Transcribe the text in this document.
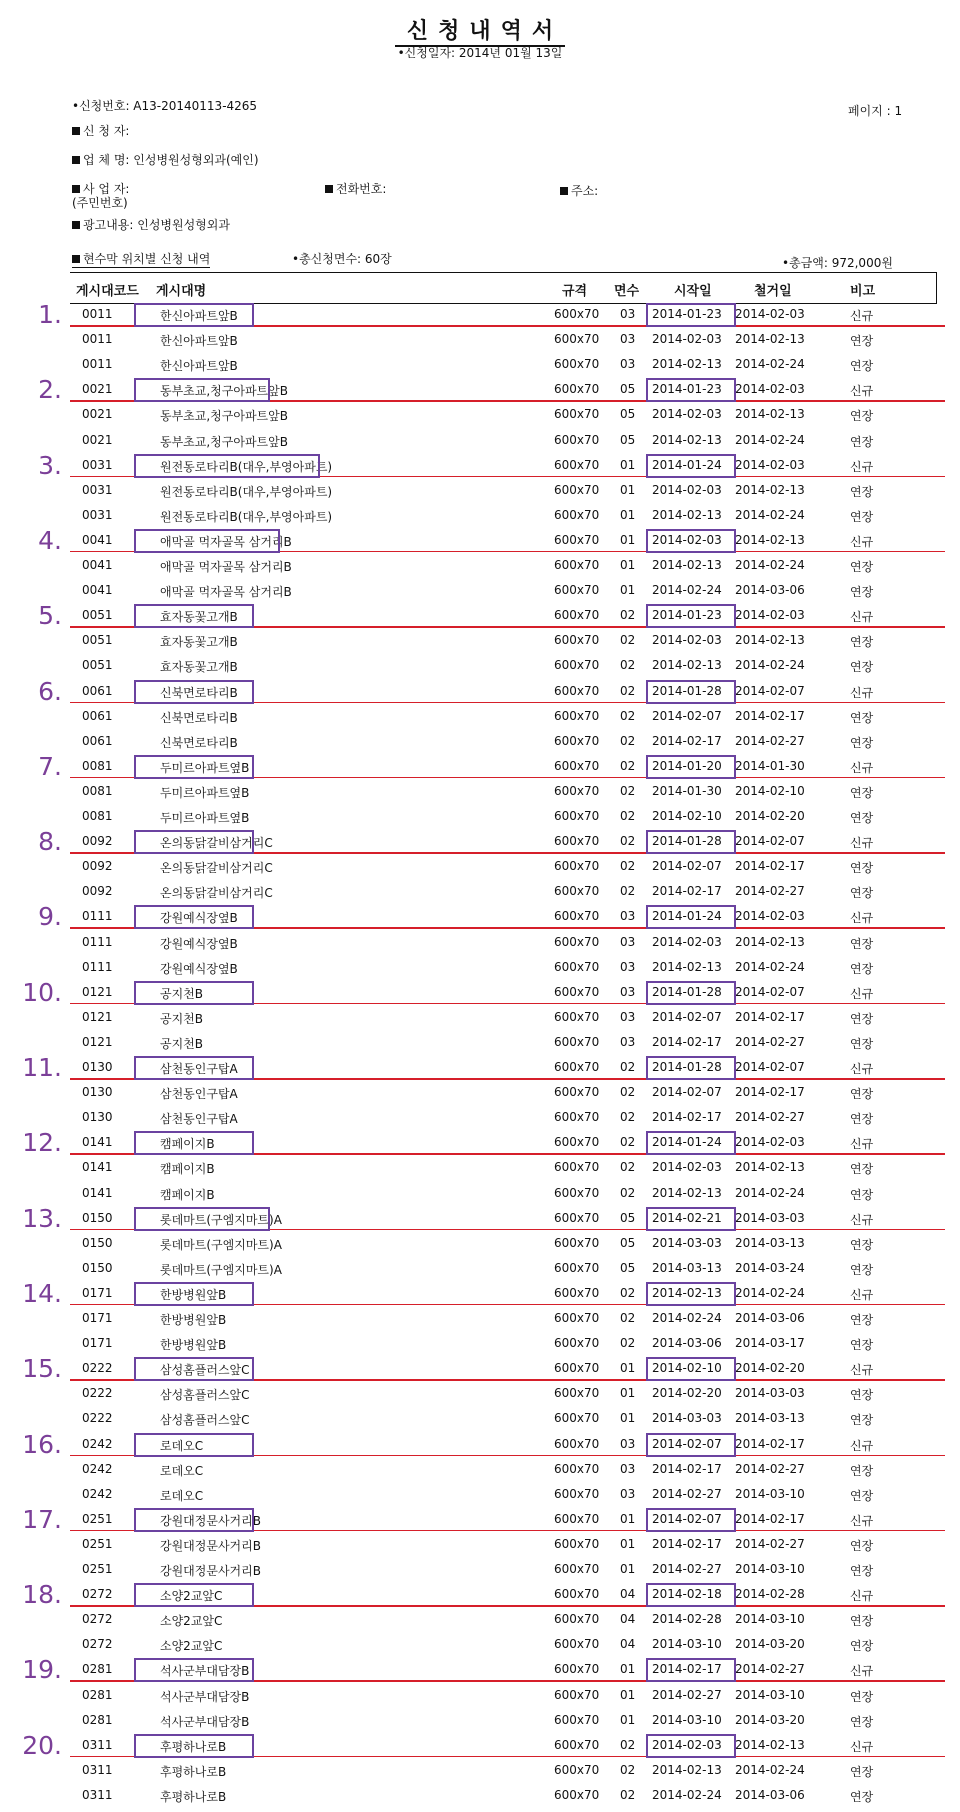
신청내역서
•신청일자: 2014년 01월 13일
•신청번호: A13-20140113-4265	페이지 : 1
신 청 자:
업 체 명: 인성병원성형외과(예인)
사 업 자:
(주민번호)
전화번호:	주소:
광고내용: 인성병원성형외과
현수막 위치별 신청 내역	•총신청면수: 60장	•총금액: 972,000원
게시대코드 게시대명	규격 면수	시작일	철거일	비고
0011	한신아파트앞B	600x70 03 2014-01-23 2014-02-03	신규
1.
0011	한신아파트앞B	600x70 03 2014-02-03 2014-02-13	연장
0011	한신아파트앞B	600x70 03 2014-02-13 2014-02-24	연장
0021	동부초교,청구아파트앞B	600x70 05 2014-01-23 2014-02-03	신규
2.
0021	동부초교,청구아파트앞B	600x70 05 2014-02-03 2014-02-13	연장
0021	동부초교,청구아파트앞B	600x70 05 2014-02-13 2014-02-24	연장
0031	원전동로타리B(대우,부영아파트)	600x70 01 2014-01-24 2014-02-03	신규
3.
0031	원전동로타리B(대우,부영아파트)	600x70 01 2014-02-03 2014-02-13	연장
0031	원전동로타리B(대우,부영아파트)	600x70 01 2014-02-13 2014-02-24	연장
0041	애막골 먹자골목 삼거리B	600x70 01 2014-02-03 2014-02-13	신규
4.
0041	애막골 먹자골목 삼거리B	600x70 01 2014-02-13 2014-02-24	연장
0041	애막골 먹자골목 삼거리B	600x70 01 2014-02-24 2014-03-06	연장
0051	효자동꽃고개B	600x70 02 2014-01-23 2014-02-03	신규
5.
0051	효자동꽃고개B	600x70 02 2014-02-03 2014-02-13	연장
0051	효자동꽃고개B	600x70 02 2014-02-13 2014-02-24	연장
0061	신북면로타리B	600x70 02 2014-01-28 2014-02-07	신규
6.
0061	신북면로타리B	600x70 02 2014-02-07 2014-02-17	연장
0061	신북면로타리B	600x70 02 2014-02-17 2014-02-27	연장
0081	두미르아파트옆B	600x70 02 2014-01-20 2014-01-30	신규
7.
0081	두미르아파트옆B	600x70 02 2014-01-30 2014-02-10	연장
0081	두미르아파트옆B	600x70 02 2014-02-10 2014-02-20	연장
0092	온의동닭갈비삼거리C	600x70 02 2014-01-28 2014-02-07	신규
8.
0092	온의동닭갈비삼거리C	600x70 02 2014-02-07 2014-02-17	연장
0092	온의동닭갈비삼거리C	600x70 02 2014-02-17 2014-02-27	연장
0111	강원예식장옆B	600x70 03 2014-01-24 2014-02-03	신규
9.
0111	강원예식장옆B	600x70 03 2014-02-03 2014-02-13	연장
0111	강원예식장옆B	600x70 03 2014-02-13 2014-02-24	연장
0121	공지천B	600x70 03 2014-01-28 2014-02-07	신규
10.
0121	공지천B	600x70 03 2014-02-07 2014-02-17	연장
0121	공지천B	600x70 03 2014-02-17 2014-02-27	연장
0130	삼천동인구탑A	600x70 02 2014-01-28 2014-02-07	신규
11.
0130	삼천동인구탑A	600x70 02 2014-02-07 2014-02-17	연장
0130	삼천동인구탑A	600x70 02 2014-02-17 2014-02-27	연장
0141	캠페이지B	600x70 02 2014-01-24 2014-02-03	신규
12.
0141	캠페이지B	600x70 02 2014-02-03 2014-02-13	연장
0141	캠페이지B	600x70 02 2014-02-13 2014-02-24	연장
0150	롯데마트(구엠지마트)A	600x70 05 2014-02-21 2014-03-03	신규
13.
0150	롯데마트(구엠지마트)A	600x70 05 2014-03-03 2014-03-13	연장
0150	롯데마트(구엠지마트)A	600x70 05 2014-03-13 2014-03-24	연장
0171	한방병원앞B	600x70 02 2014-02-13 2014-02-24	신규
14.
0171	한방병원앞B	600x70 02 2014-02-24 2014-03-06	연장
0171	한방병원앞B	600x70 02 2014-03-06 2014-03-17	연장
0222	삼성홈플러스앞C	600x70 01 2014-02-10 2014-02-20	신규
15.
0222	삼성홈플러스앞C	600x70 01 2014-02-20 2014-03-03	연장
0222	삼성홈플러스앞C	600x70 01 2014-03-03 2014-03-13	연장
0242	로데오C	600x70 03 2014-02-07 2014-02-17	신규
16.
0242	로데오C	600x70 03 2014-02-17 2014-02-27	연장
0242	로데오C	600x70 03 2014-02-27 2014-03-10	연장
0251	강원대정문사거리B	600x70 01 2014-02-07 2014-02-17	신규
17.
0251	강원대정문사거리B	600x70 01 2014-02-17 2014-02-27	연장
0251	강원대정문사거리B	600x70 01 2014-02-27 2014-03-10	연장
0272	소양2교앞C	600x70 04 2014-02-18 2014-02-28	신규
18.
0272	소양2교앞C	600x70 04 2014-02-28 2014-03-10	연장
0272	소양2교앞C	600x70 04 2014-03-10 2014-03-20	연장
0281	석사군부대담장B	600x70 01 2014-02-17 2014-02-27	신규
19.
0281	석사군부대담장B	600x70 01 2014-02-27 2014-03-10	연장
0281	석사군부대담장B	600x70 01 2014-03-10 2014-03-20	연장
0311	후평하나로B	600x70 02 2014-02-03 2014-02-13	신규
20.
0311	후평하나로B	600x70 02 2014-02-13 2014-02-24	연장
0311	후평하나로B	600x70 02 2014-02-24 2014-03-06	연장
